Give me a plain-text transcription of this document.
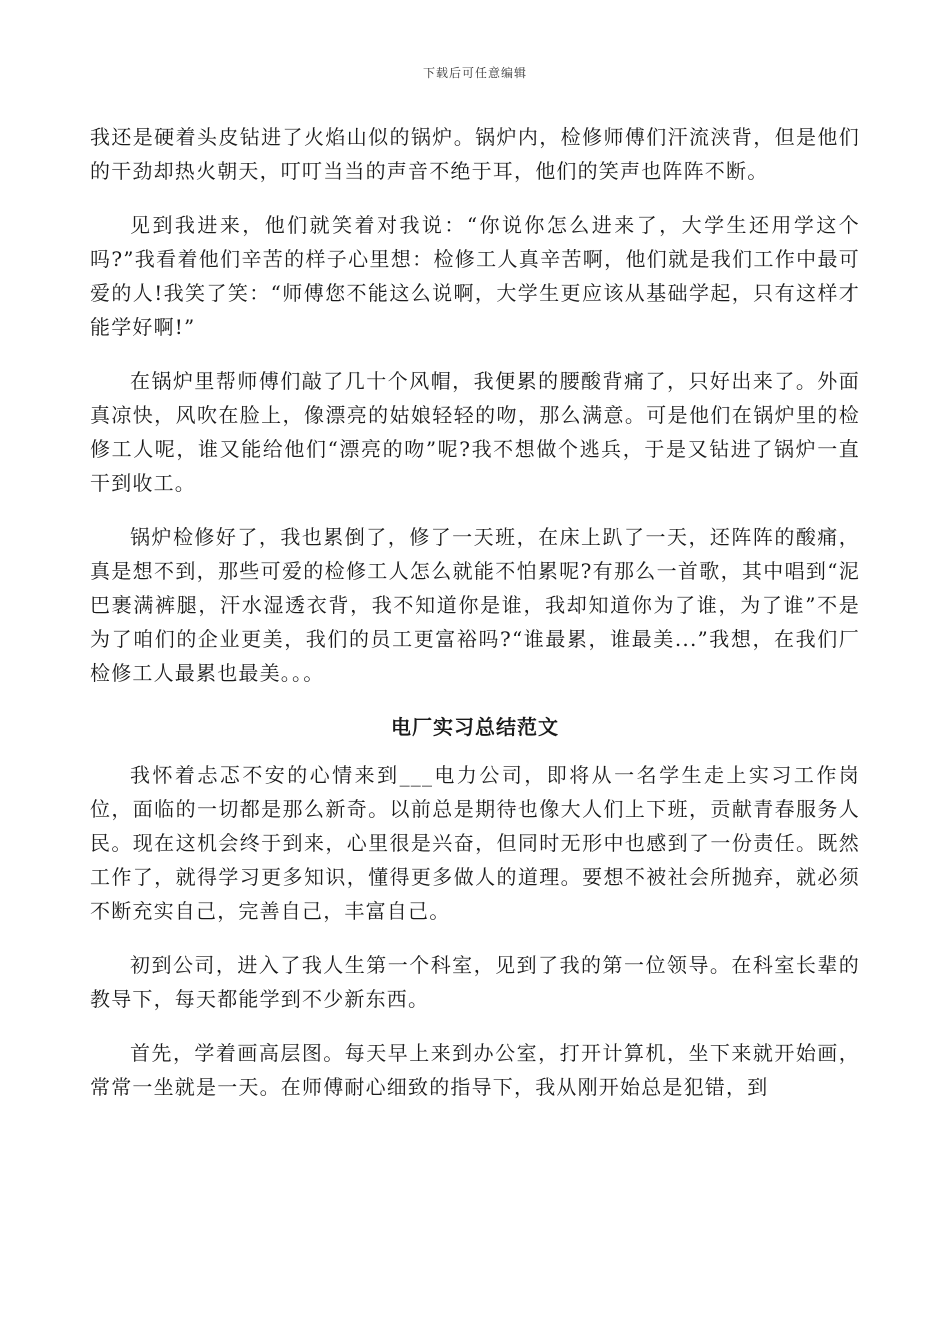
下载后可任意编辑

我还是硬着头皮钻进了火焰山似的锅炉。锅炉内，检修师傅们汗流浃背，但是他们的干劲却热火朝天，叮叮当当的声音不绝于耳，他们的笑声也阵阵不断。

见到我进来，他们就笑着对我说：“你说你怎么进来了，大学生还用学这个吗?”我看着他们辛苦的样子心里想：检修工人真辛苦啊，他们就是我们工作中最可爱的人!我笑了笑：“师傅您不能这么说啊，大学生更应该从基础学起，只有这样才能学好啊!”

在锅炉里帮师傅们敲了几十个风帽，我便累的腰酸背痛了，只好出来了。外面真凉快，风吹在脸上，像漂亮的姑娘轻轻的吻，那么满意。可是他们在锅炉里的检修工人呢，谁又能给他们“漂亮的吻”呢?我不想做个逃兵，于是又钻进了锅炉一直干到收工。

锅炉检修好了，我也累倒了，修了一天班，在床上趴了一天，还阵阵的酸痛，真是想不到，那些可爱的检修工人怎么就能不怕累呢?有那么一首歌，其中唱到“泥巴裹满裤腿，汗水湿透衣背，我不知道你是谁，我却知道你为了谁，为了谁”不是为了咱们的企业更美，我们的员工更富裕吗?“谁最累，谁最美...”我想，在我们厂检修工人最累也最美。。。

电厂实习总结范文

我怀着忐忑不安的心情来到___电力公司，即将从一名学生走上实习工作岗位，面临的一切都是那么新奇。以前总是期待也像大人们上下班，贡献青春服务人民。现在这机会终于到来，心里很是兴奋，但同时无形中也感到了一份责任。既然工作了，就得学习更多知识，懂得更多做人的道理。要想不被社会所抛弃，就必须不断充实自己，完善自己，丰富自己。

初到公司，进入了我人生第一个科室，见到了我的第一位领导。在科室长辈的教导下，每天都能学到不少新东西。

首先，学着画高层图。每天早上来到办公室，打开计算机，坐下来就开始画，常常一坐就是一天。在师傅耐心细致的指导下，我从刚开始总是犯错，到
